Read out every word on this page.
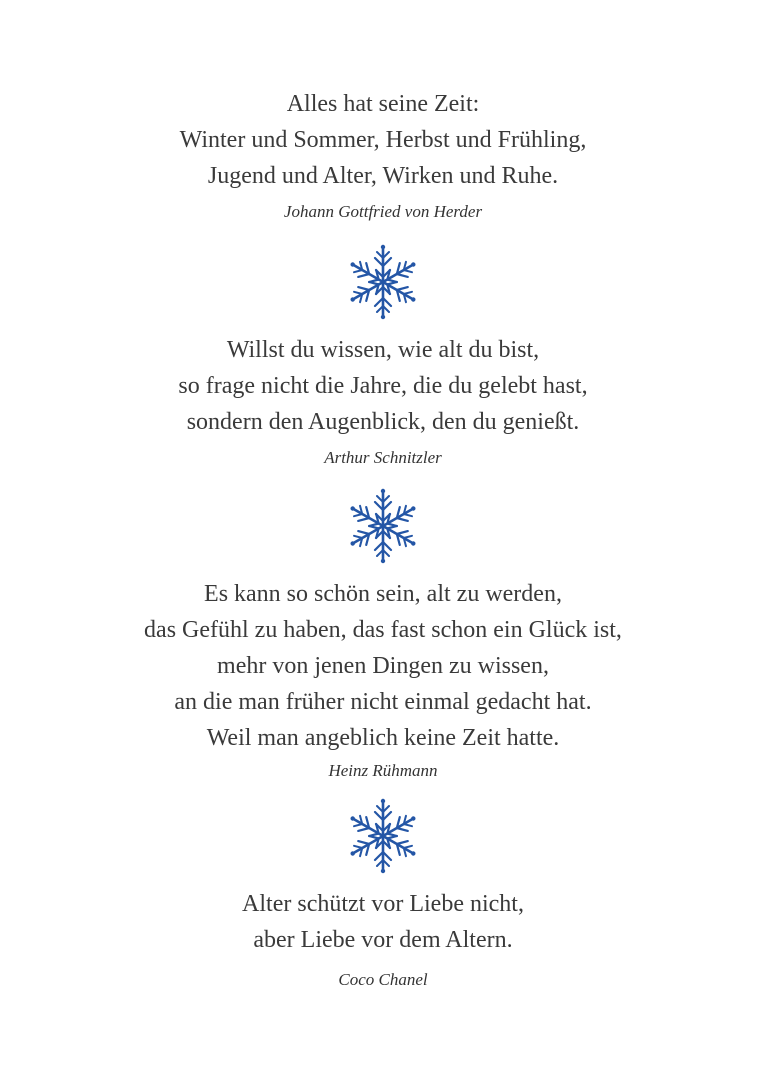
Alles hat seine Zeit:
Winter und Sommer, Herbst und Frühling,
Jugend und Alter, Wirken und Ruhe.
Johann Gottfried von Herder
Willst du wissen, wie alt du bist,
so frage nicht die Jahre, die du gelebt hast,
sondern den Augenblick, den du genießt.
Arthur Schnitzler
Es kann so schön sein, alt zu werden,
das Gefühl zu haben, das fast schon ein Glück ist,
mehr von jenen Dingen zu wissen,
an die man früher nicht einmal gedacht hat.
Weil man angeblich keine Zeit hatte.
Heinz Rühmann
Alter schützt vor Liebe nicht,
aber Liebe vor dem Altern.
Coco Chanel
